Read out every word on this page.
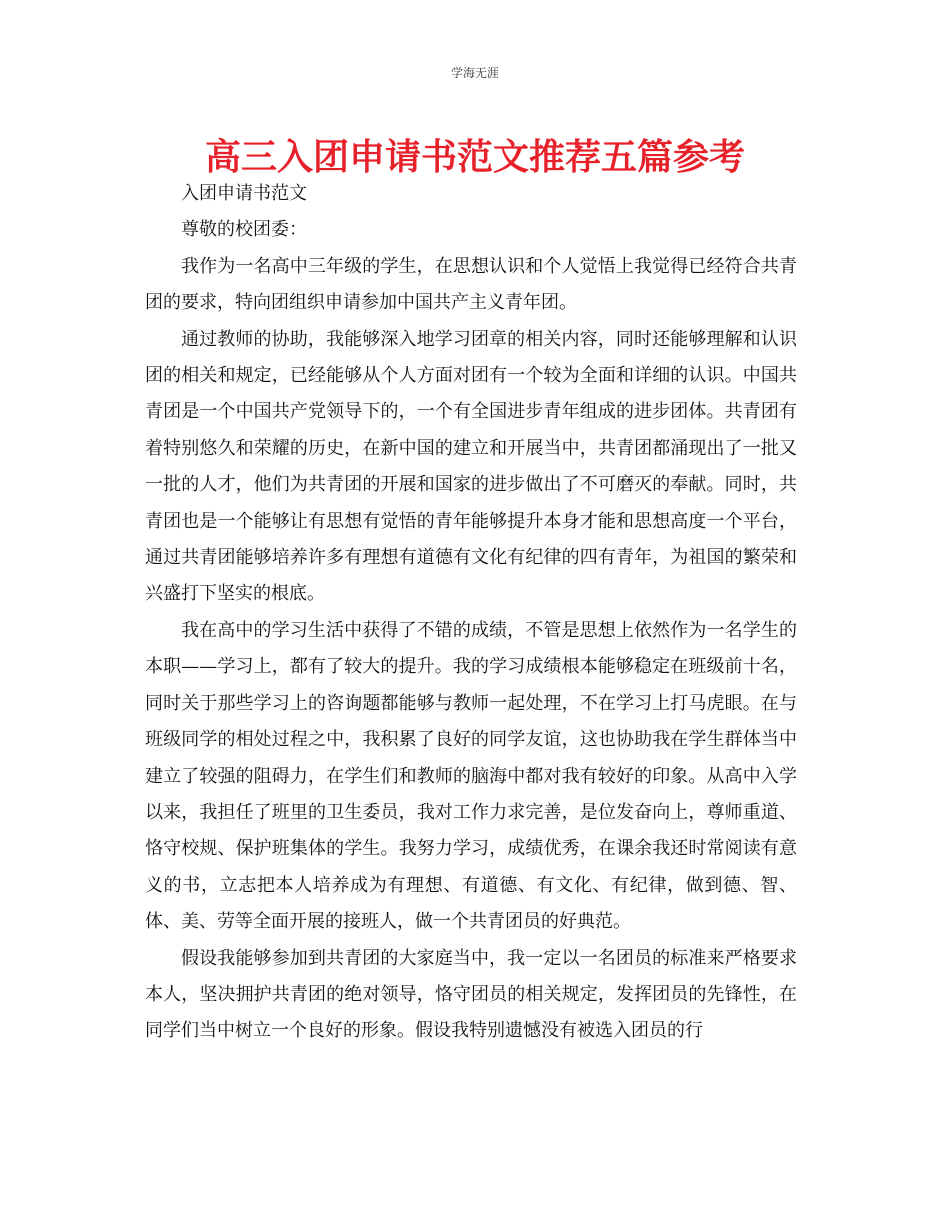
学海无涯
高三入团申请书范文推荐五篇参考

入团申请书范文

尊敬的校团委：

我作为一名高中三年级的学生，在思想认识和个人觉悟上我觉得已经符合共青团的要求，特向团组织申请参加中国共产主义青年团。

通过教师的协助，我能够深入地学习团章的相关内容，同时还能够理解和认识团的相关和规定，已经能够从个人方面对团有一个较为全面和详细的认识。中国共青团是一个中国共产党领导下的，一个有全国进步青年组成的进步团体。共青团有着特别悠久和荣耀的历史，在新中国的建立和开展当中，共青团都涌现出了一批又一批的人才，他们为共青团的开展和国家的进步做出了不可磨灭的奉献。同时，共青团也是一个能够让有思想有觉悟的青年能够提升本身才能和思想高度一个平台，通过共青团能够培养许多有理想有道德有文化有纪律的四有青年，为祖国的繁荣和兴盛打下坚实的根底。

我在高中的学习生活中获得了不错的成绩，不管是思想上依然作为一名学生的本职——学习上，都有了较大的提升。我的学习成绩根本能够稳定在班级前十名，同时关于那些学习上的咨询题都能够与教师一起处理，不在学习上打马虎眼。在与班级同学的相处过程之中，我积累了良好的同学友谊，这也协助我在学生群体当中建立了较强的阻碍力，在学生们和教师的脑海中都对我有较好的印象。从高中入学以来，我担任了班里的卫生委员，我对工作力求完善，是位发奋向上，尊师重道、恪守校规、保护班集体的学生。我努力学习，成绩优秀，在课余我还时常阅读有意义的书，立志把本人培养成为有理想、有道德、有文化、有纪律，做到德、智、体、美、劳等全面开展的接班人，做一个共青团员的好典范。

假设我能够参加到共青团的大家庭当中，我一定以一名团员的标准来严格要求本人，坚决拥护共青团的绝对领导，恪守团员的相关规定，发挥团员的先锋性，在同学们当中树立一个良好的形象。假设我特别遗憾没有被选入团员的行
